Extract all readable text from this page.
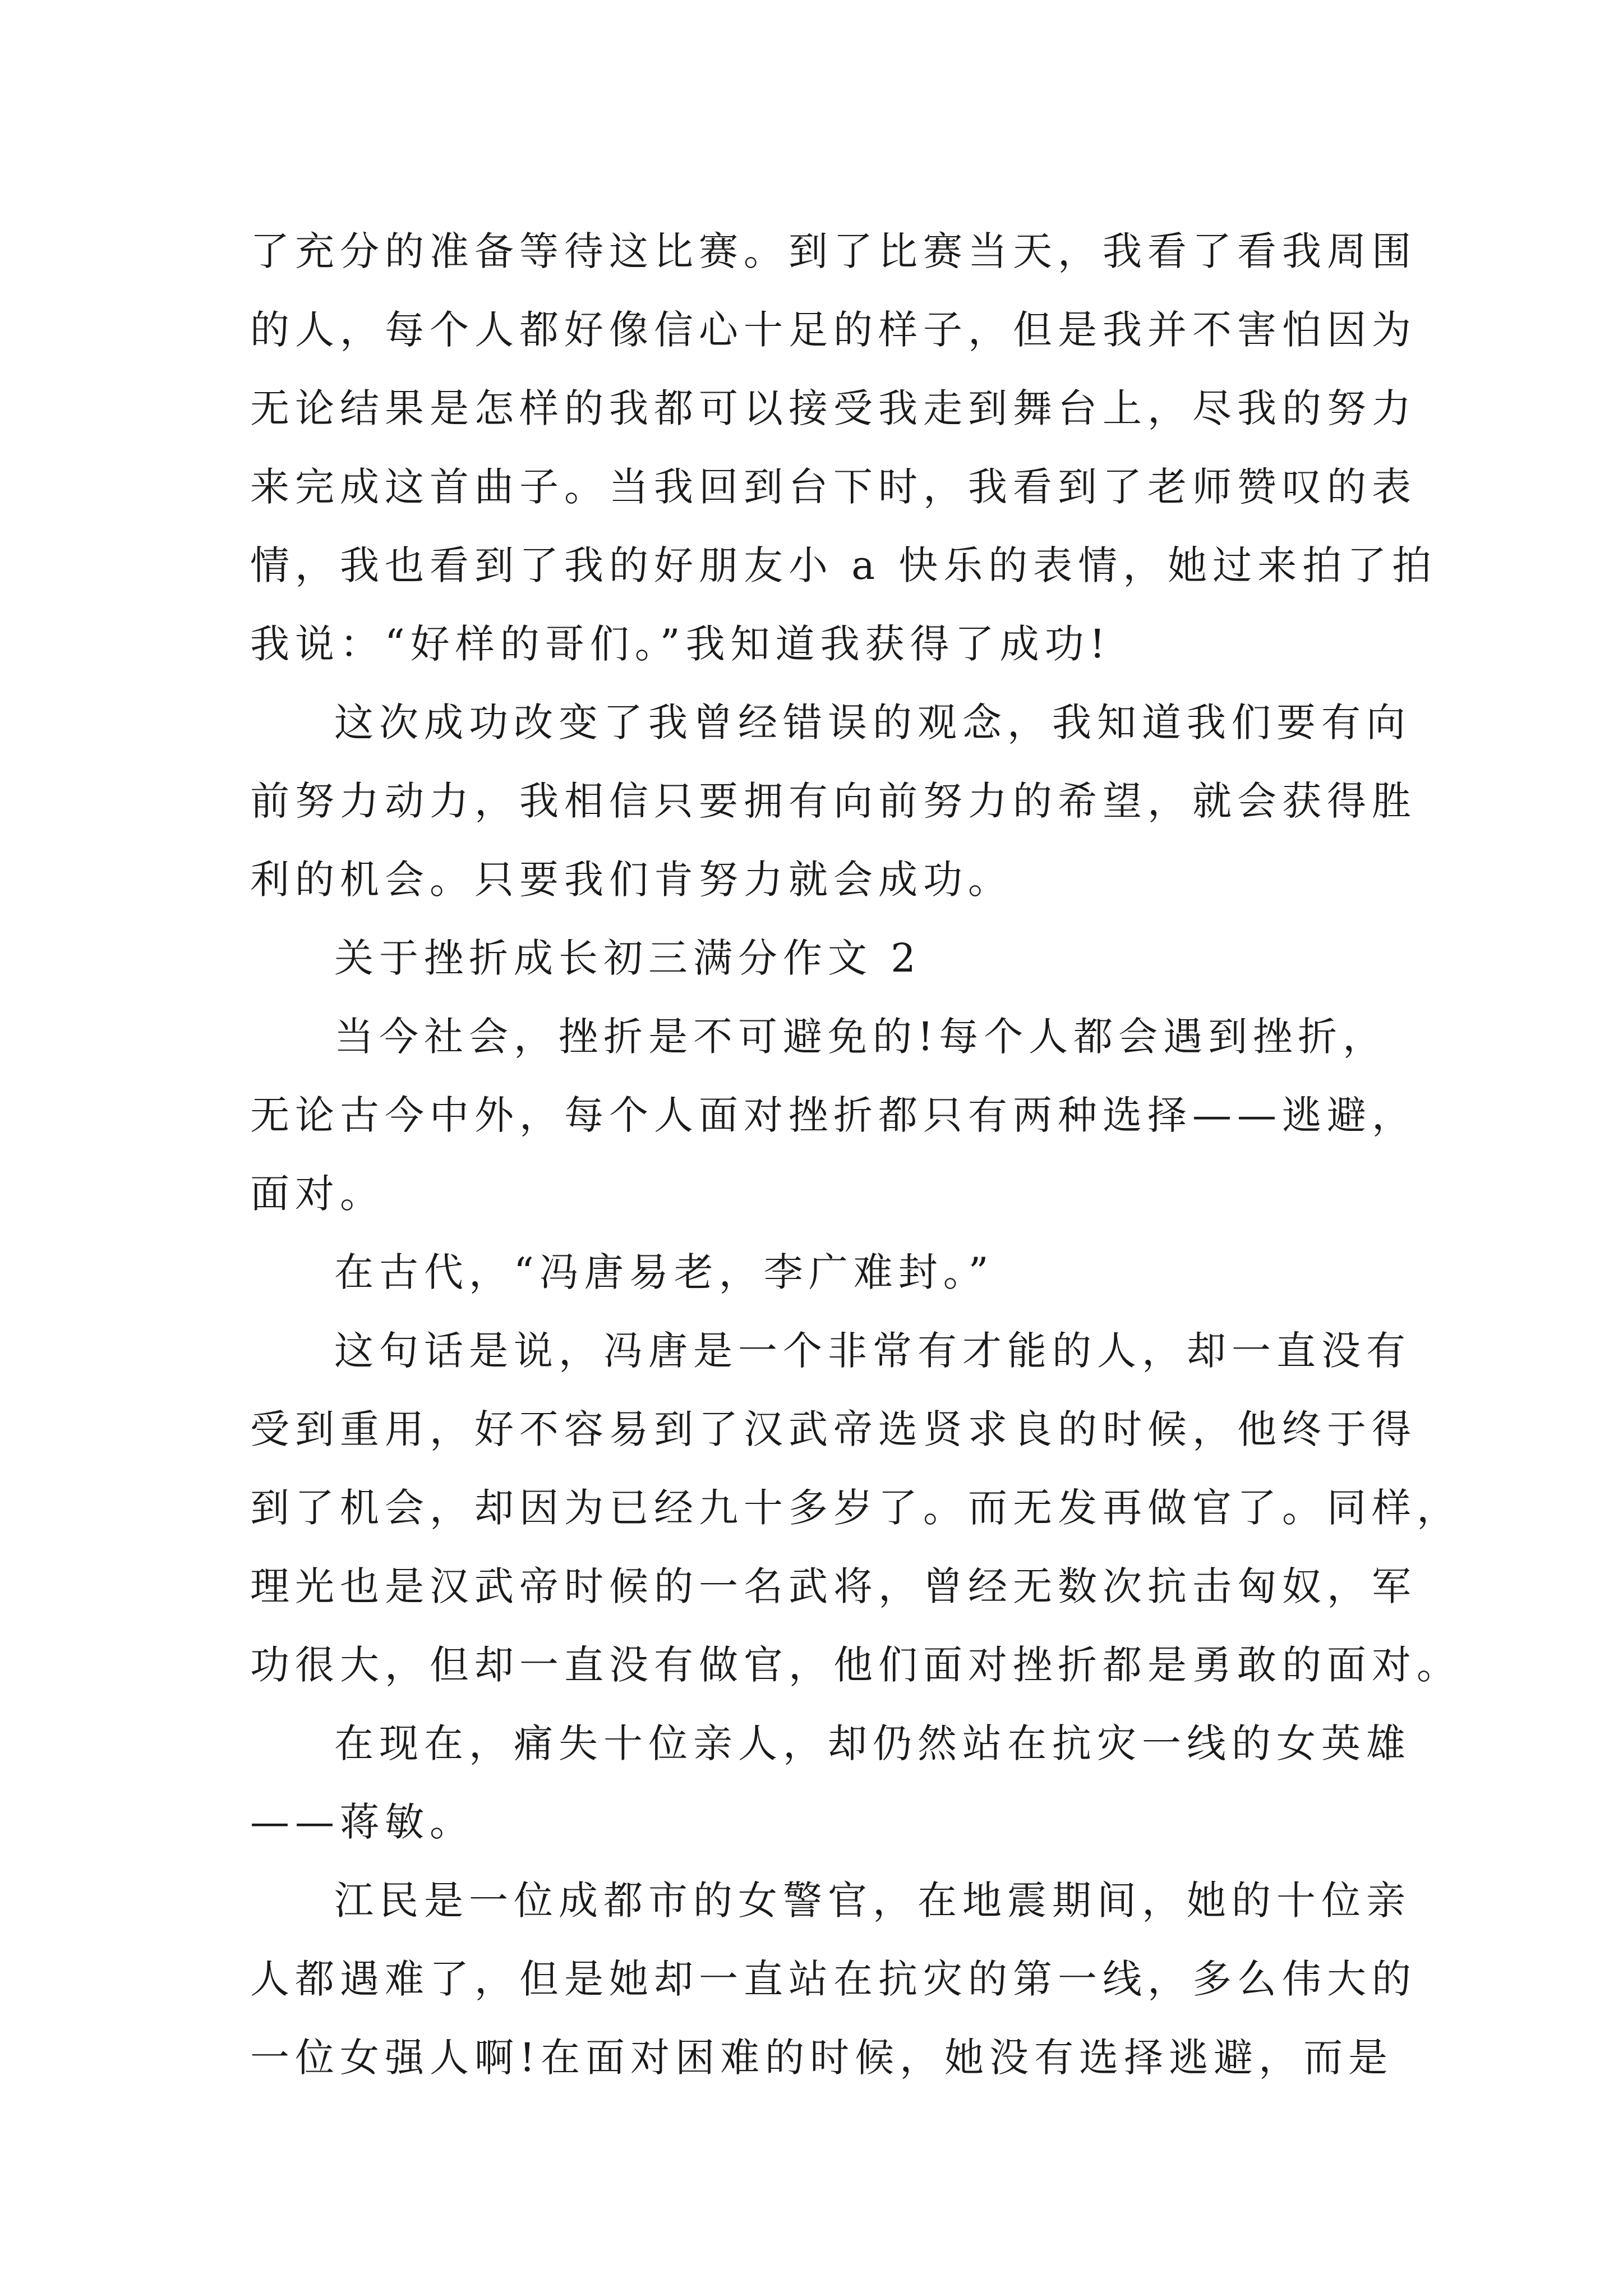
了充分的准备等待这比赛。到了比赛当天，我看了看我周围
的人，每个人都好像信心十足的样子，但是我并不害怕因为
无论结果是怎样的我都可以接受我走到舞台上，尽我的努力
来完成这首曲子。当我回到台下时，我看到了老师赞叹的表
情，我也看到了我的好朋友小 a 快乐的表情，她过来拍了拍
我说：“好样的哥们。”我知道我获得了成功!
这次成功改变了我曾经错误的观念，我知道我们要有向
前努力动力，我相信只要拥有向前努力的希望，就会获得胜
利的机会。只要我们肯努力就会成功。
关于挫折成长初三满分作文 2
当今社会，挫折是不可避免的!每个人都会遇到挫折，
无论古今中外，每个人面对挫折都只有两种选择——逃避，
面对。
在古代，“冯唐易老，李广难封。”
这句话是说，冯唐是一个非常有才能的人，却一直没有
受到重用，好不容易到了汉武帝选贤求良的时候，他终于得
到了机会，却因为已经九十多岁了。而无发再做官了。同样，
理光也是汉武帝时候的一名武将，曾经无数次抗击匈奴，军
功很大，但却一直没有做官，他们面对挫折都是勇敢的面对。
在现在，痛失十位亲人，却仍然站在抗灾一线的女英雄
——蒋敏。
江民是一位成都市的女警官，在地震期间，她的十位亲
人都遇难了，但是她却一直站在抗灾的第一线，多么伟大的
一位女强人啊!在面对困难的时候，她没有选择逃避，而是
